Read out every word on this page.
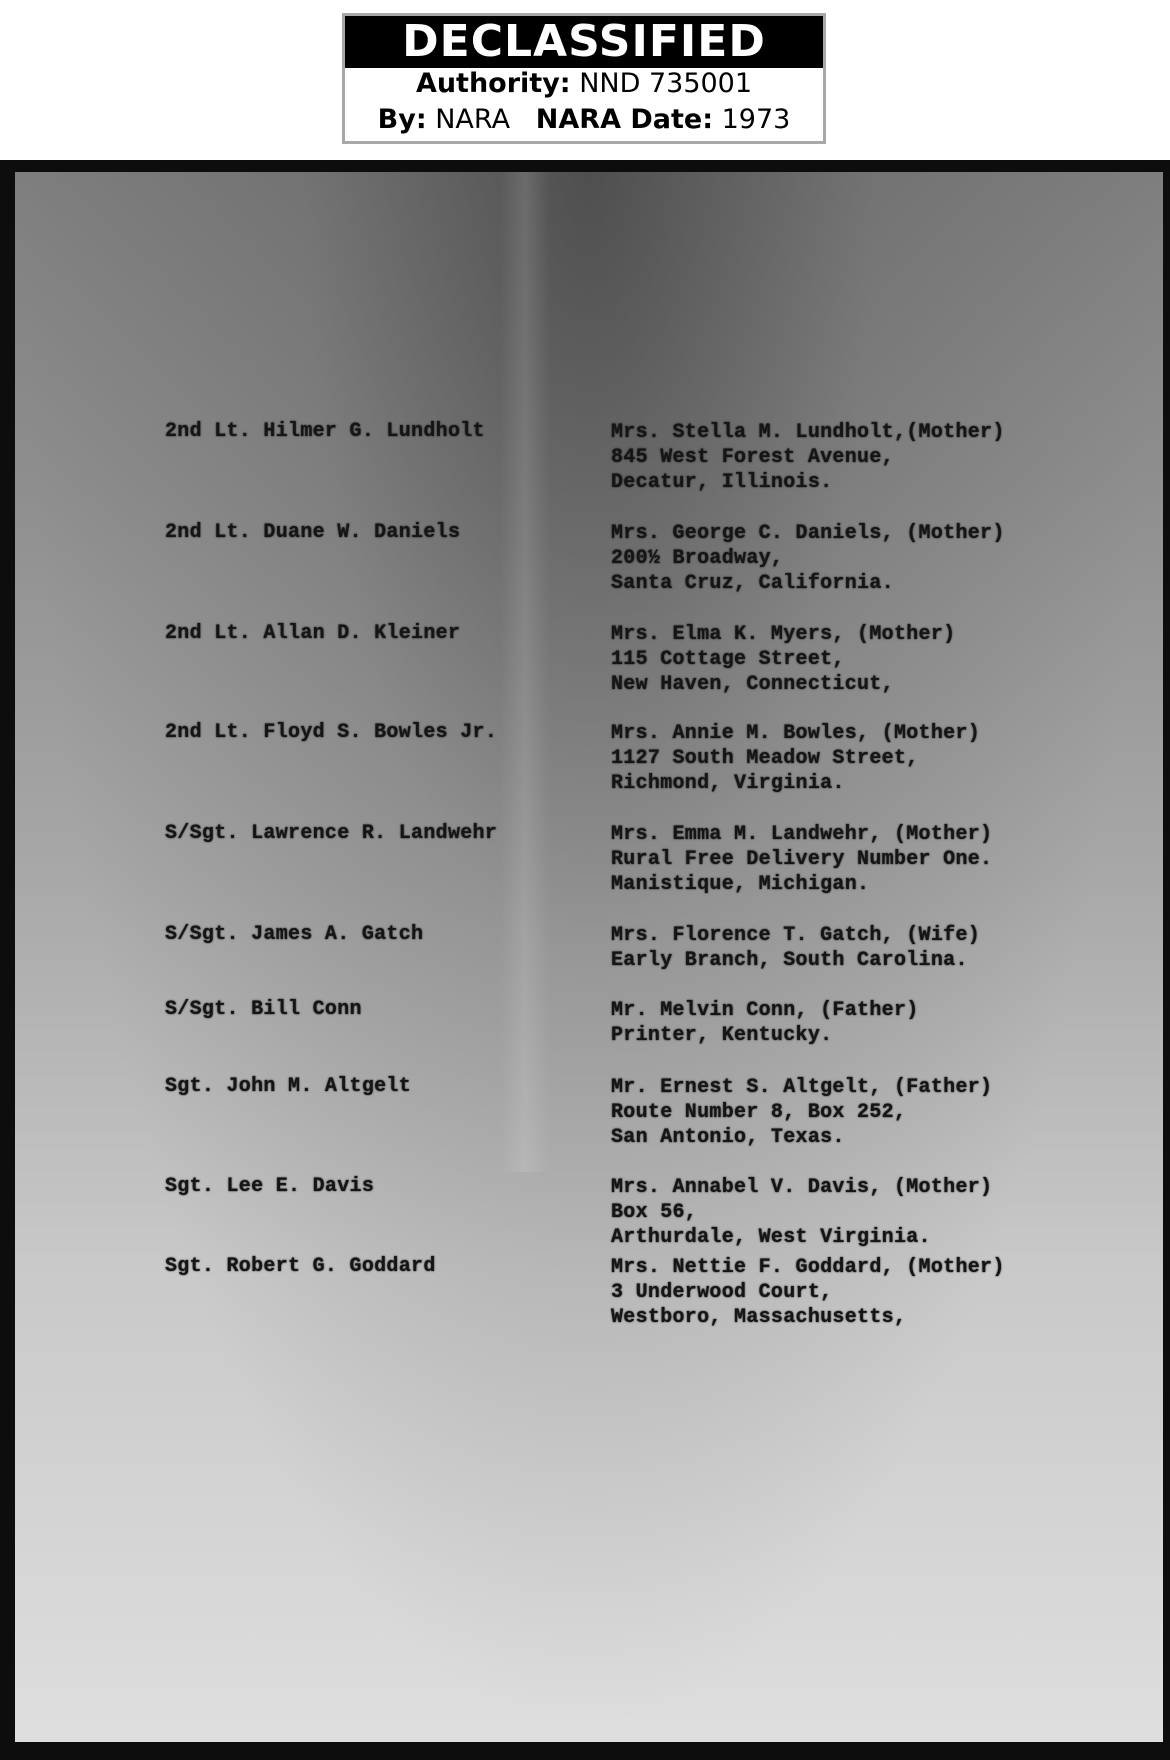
DECLASSIFIED
Authority: NND 735001
By: NARA NARA Date: 1973
2nd Lt. Hilmer G. Lundholt	Mrs. Stella M. Lundholt,(Mother)
845 West Forest Avenue,
Decatur, Illinois.
2nd Lt. Duane W. Daniels	Mrs. George C. Daniels, (Mother)
200½ Broadway,
Santa Cruz, California.
2nd Lt. Allan D. Kleiner	Mrs. Elma K. Myers, (Mother)
115 Cottage Street,
New Haven, Connecticut,
2nd Lt. Floyd S. Bowles Jr.	Mrs. Annie M. Bowles, (Mother)
1127 South Meadow Street,
Richmond, Virginia.
S/Sgt. Lawrence R. Landwehr	Mrs. Emma M. Landwehr, (Mother)
Rural Free Delivery Number One.
Manistique, Michigan.
S/Sgt. James A. Gatch	Mrs. Florence T. Gatch, (Wife)
Early Branch, South Carolina.
S/Sgt. Bill Conn	Mr. Melvin Conn, (Father)
Printer, Kentucky.
Sgt. John M. Altgelt	Mr. Ernest S. Altgelt, (Father)
Route Number 8, Box 252,
San Antonio, Texas.
Sgt. Lee E. Davis	Mrs. Annabel V. Davis, (Mother)
Box 56,
Arthurdale, West Virginia.
Sgt. Robert G. Goddard	Mrs. Nettie F. Goddard, (Mother)
3 Underwood Court,
Westboro, Massachusetts,
